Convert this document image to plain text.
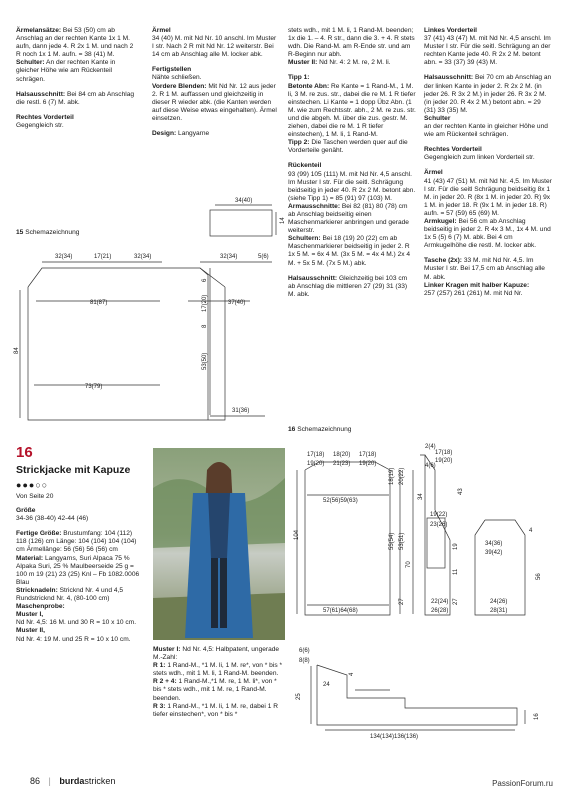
Ärmelansätze: Bei 53 (50) cm ab Anschlag an der rechten Kante 1x 1 M. aufn, dann jede 4. R 2x 1 M. und nach 2 R noch 1x 1 M. aufn. = 38 (41) M.

Schulter: An der rechten Kante in gleicher Höhe wie am Rückenteil schrägen.

Halsausschnitt: Bei 84 cm ab Anschlag die restl. 6 (7) M. abk.

Rechtes Vorderteil
Gegengleich str.

Ärmel
34 (40) M. mit Nd Nr. 10 anschl. Im Muster I str. Nach 2 R mit Nd Nr. 12 weiterstr. Bei 14 cm ab Anschlag alle M. locker abk.

Fertigstellen
Nähte schließen.

Vordere Blenden: Mit Nd Nr. 12 aus jeder 2. R 1 M. auffassen und gleichzeitig in dieser R wieder abk. (die Kanten werden auf diese Weise etwas eingehalten). Ärmel einsetzen.

Design: Langyarne

stets wdh., mit 1 M. li, 1 Rand-M. beenden; 1x die 1. – 4. R str., dann die 3. + 4. R stets wdh. Die Rand-M. am R-Ende str. und am R-Beginn nur abh.

Muster II: Nd Nr. 4: 2 M. re, 2 M. li.

Tipp 1:

Betonte Abn: Re Kante = 1 Rand-M., 1 M. li, 3 M. re zus. str., dabei die re M. 1 R tiefer einstechen. Li Kante = 1 dopp Übz Abn. (1 M. wie zum Rechtsstr. abh., 2 M. re zus. str. und die abgeh. M. über die zus. gestr. M. ziehen, dabei die re M. 1 R tiefer einstechen), 1 M. li, 1 Rand-M.

Tipp 2: Die Taschen werden quer auf die Vorderteile genäht.

Rückenteil
93 (99) 105 (111) M. mit Nd Nr. 4,5 anschl. Im Muster I str. Für die seitl. Schrägung beidseitig in jeder 40. R 2x 2 M. betont abn. (siehe Tipp 1) = 85 (91) 97 (103) M.

Armausschnitte: Bei 82 (81) 80 (78) cm ab Anschlag beidseitig einen Maschenmarkierer anbringen und gerade weiterstr.

Schultern: Bei 18 (19) 20 (22) cm ab Maschenmarkierer beidseitig in jeder 2. R 1x 5 M. = 6x 4 M. (3x 5 M. = 4x 4 M.) 2x 4 M. + 5x 5 M. (7x 5 M.) abk.

Halsausschnitt: Gleichzeitig bei 103 cm ab Anschlag die mittleren 27 (29) 31 (33) M. abk.

Linkes Vorderteil
37 (41) 43 (47) M. mit Nd Nr. 4,5 anschl. Im Muster I str. Für die seitl. Schrägung an der rechten Kante jede 40. R 2x 2 M. betont abn. = 33 (37) 39 (43) M.

Halsausschnitt: Bei 70 cm ab Anschlag an der linken Kante in jeder 2. R 2x 2 M. (in jeder 26. R 3x 2 M.) in jeder 26. R 3x 2 M. (in jeder 20. R 4x 2 M.) betont abn. = 29 (31) 33 (35) M.

Schulter
an der rechten Kante in gleicher Höhe und wie am Rückenteil schrägen.

Rechtes Vorderteil
Gegengleich zum linken Vorderteil str.

Ärmel
41 (43) 47 (51) M. mit Nd Nr. 4,5. Im Muster I str. Für die seitl Schrägung beidseitig 8x 1 M. in jeder 20. R (8x 1 M. in jeder 20. R) 9x 1 M. in jeder 18. R (9x 1 M. in jeder 18. R) aufn. = 57 (59) 65 (69) M.

Armkugel: Bei 56 cm ab Anschlag beidseitig in jeder 2. R 4x 3 M., 1x 4 M. und 1x 5 (5) 6 (7) M. abk. Bei 4 cm Armkugelhöhe die restl. M. locker abk.

Tasche (2x): 33 M. mit Nd Nr. 4,5. Im Muster I str. Bei 17,5 cm ab Anschlag alle M. abk.

Linker Kragen mit halber Kapuze:
257 (257) 261 (261) M. mit Nd Nr.

15 Schemazeichnung
32(34)	17(21)	32(34)
81(87)
84
73(79)
6
17(20)
8
37(40)
53(50)
31(36)
32(34)	5(6)
34(40)
14
16 Schemazeichnung
17(18) 18(20) 17(18)
19(20) 21(23) 19(20)
52(56)59(63)
104
18(19) 20(22)
55(54) 53(51)
70
27
57(61)64(68)
34
2(4)
4(6)
17(18)
19(20)
19(22)
23(26)
43
19
11
27
22(24)
26(28)
4
34(36)
39(42)
56
24(26)
28(31)
6(6)
8(8)
24
4
25
16
134(134)136(136)
16
Strickjacke mit Kapuze
●●●○○
Von Seite 20

Größe
34-36 (38-40) 42-44 (46)

Fertige Größe: Brustumfang: 104 (112) 118 (126) cm Länge: 104 (104) 104 (104) cm Ärmellänge: 56 (56) 56 (56) cm

Material: Langyarns, Suri Alpaca 75 % Alpaka Suri, 25 % Maulbeerseide 25 g = 100 m 19 (21) 23 (25) Knl – Fb 1082.0006 Blau

Stricknadeln: Stricknd Nr. 4 und 4,5 Rundstricknd Nr. 4, (80-100 cm)

Maschenprobe:

Muster I,
Nd Nr. 4,5: 16 M. und 30 R = 10 x 10 cm.

Muster II,
Nd Nr. 4: 19 M. und 25 R = 10 x 10 cm.

Muster I: Nd Nr. 4,5: Halbpatent, ungerade M.-Zahl:

R 1: 1 Rand-M., *1 M. li, 1 M. re*, von * bis * stets wdh., mit 1 M. li, 1 Rand-M. beenden.

R 2 + 4: 1 Rand-M.,*1 M. re, 1 M. li*, von * bis * stets wdh., mit 1 M. re, 1 Rand-M. beenden.

R 3: 1 Rand-M., *1 M. li, 1 M. re, dabei 1 R tiefer einstechen*, von * bis *

86 | burdastricken	PassionForum.ru
